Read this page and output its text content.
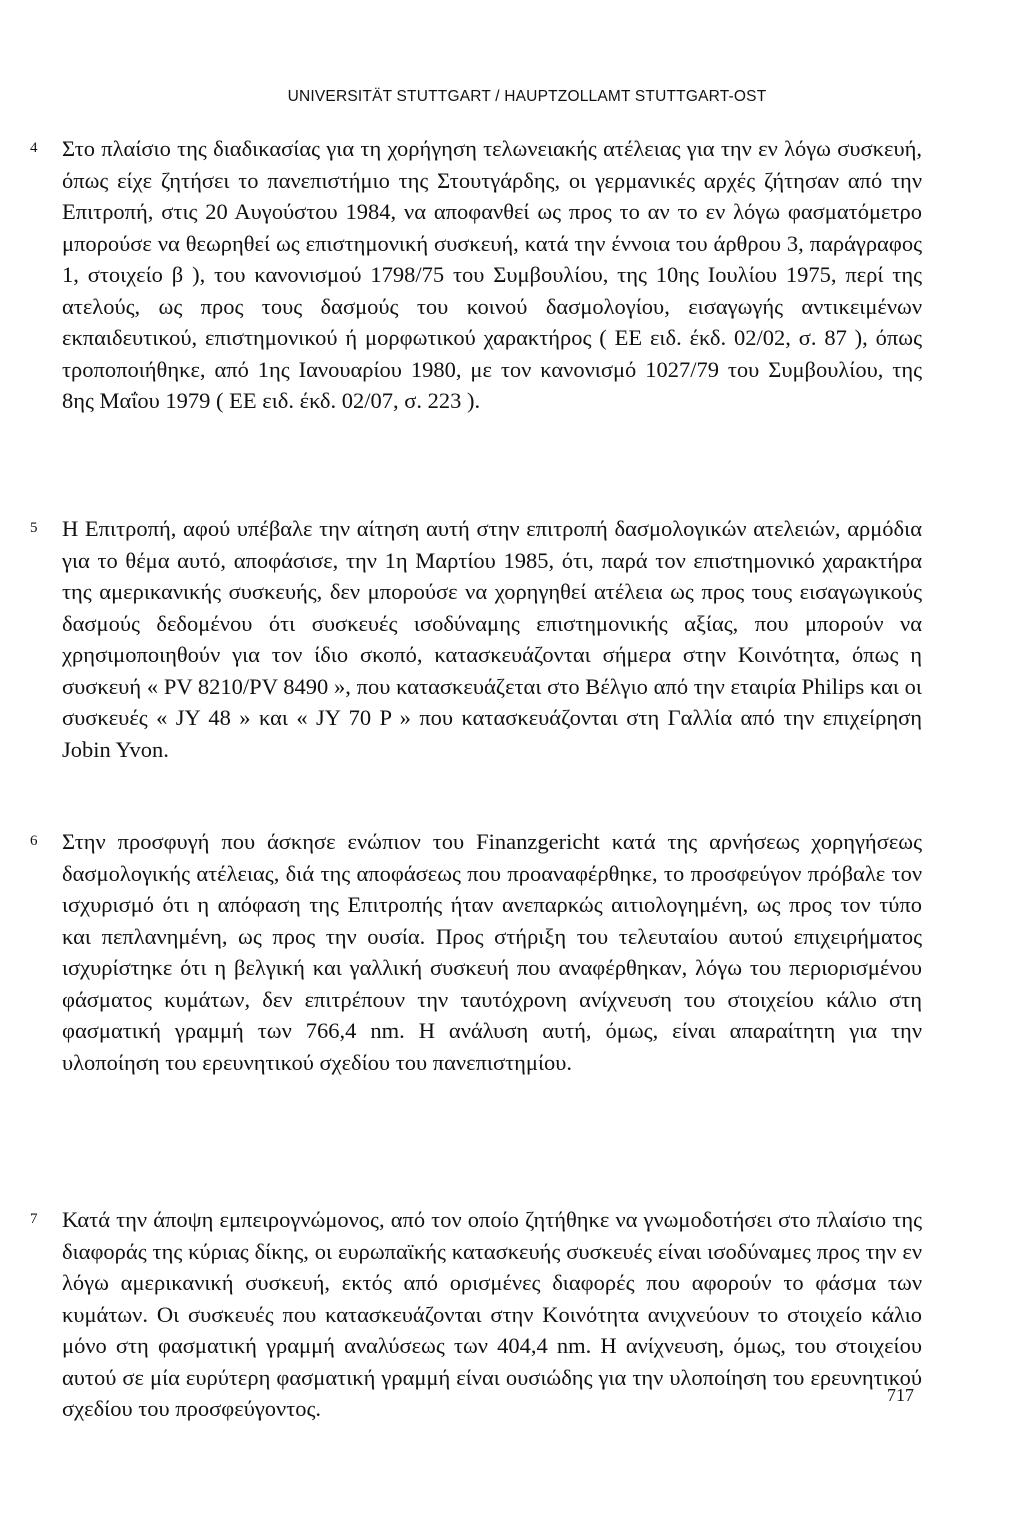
UNIVERSITÄT STUTTGART / HAUPTZOLLAMT STUTTGART-OST
4 Στο πλαίσιο της διαδικασίας για τη χορήγηση τελωνειακής ατέλειας για την εν λόγω συσκευή, όπως είχε ζητήσει το πανεπιστήμιο της Στουτγάρδης, οι γερμανικές αρχές ζήτησαν από την Επιτροπή, στις 20 Αυγούστου 1984, να αποφανθεί ως προς το αν το εν λόγω φασματόμετρο μπορούσε να θεωρηθεί ως επιστημονική συσκευή, κατά την έννοια του άρθρου 3, παράγραφος 1, στοιχείο β ), του κανονισμού 1798/75 του Συμβουλίου, της 10ης Ιουλίου 1975, περί της ατελούς, ως προς τους δασμούς του κοινού δασμολογίου, εισαγωγής αντικειμένων εκπαιδευτικού, επιστημονικού ή μορφωτικού χαρακτήρος ( ΕΕ ειδ. έκδ. 02/02, σ. 87 ), όπως τροποποιήθηκε, από 1ης Ιανουαρίου 1980, με τον κανονισμό 1027/79 του Συμβουλίου, της 8ης Μαΐου 1979 ( ΕΕ ειδ. έκδ. 02/07, σ. 223 ).
5 Η Επιτροπή, αφού υπέβαλε την αίτηση αυτή στην επιτροπή δασμολογικών ατελειών, αρμόδια για το θέμα αυτό, αποφάσισε, την 1η Μαρτίου 1985, ότι, παρά τον επιστημονικό χαρακτήρα της αμερικανικής συσκευής, δεν μπορούσε να χορηγηθεί ατέλεια ως προς τους εισαγωγικούς δασμούς δεδομένου ότι συσκευές ισοδύναμης επιστημονικής αξίας, που μπορούν να χρησιμοποιηθούν για τον ίδιο σκοπό, κατασκευάζονται σήμερα στην Κοινότητα, όπως η συσκευή « PV 8210/PV 8490 », που κατασκευάζεται στο Βέλγιο από την εταιρία Philips και οι συσκευές « JY 48 » και « JY 70 P » που κατασκευάζονται στη Γαλλία από την επιχείρηση Jobin Yvon.
6 Στην προσφυγή που άσκησε ενώπιον του Finanzgericht κατά της αρνήσεως χορηγήσεως δασμολογικής ατέλειας, διά της αποφάσεως που προαναφέρθηκε, το προσφεύγον πρόβαλε τον ισχυρισμό ότι η απόφαση της Επιτροπής ήταν ανεπαρκώς αιτιολογημένη, ως προς τον τύπο και πεπλανημένη, ως προς την ουσία. Προς στήριξη του τελευταίου αυτού επιχειρήματος ισχυρίστηκε ότι η βελγική και γαλλική συσκευή που αναφέρθηκαν, λόγω του περιορισμένου φάσματος κυμάτων, δεν επιτρέπουν την ταυτόχρονη ανίχνευση του στοιχείου κάλιο στη φασματική γραμμή των 766,4 nm. Η ανάλυση αυτή, όμως, είναι απαραίτητη για την υλοποίηση του ερευνητικού σχεδίου του πανεπιστημίου.
7 Κατά την άποψη εμπειρογνώμονος, από τον οποίο ζητήθηκε να γνωμοδοτήσει στο πλαίσιο της διαφοράς της κύριας δίκης, οι ευρωπαϊκής κατασκευής συσκευές είναι ισοδύναμες προς την εν λόγω αμερικανική συσκευή, εκτός από ορισμένες διαφορές που αφορούν το φάσμα των κυμάτων. Οι συσκευές που κατασκευάζονται στην Κοινότητα ανιχνεύουν το στοιχείο κάλιο μόνο στη φασματική γραμμή αναλύσεως των 404,4 nm. Η ανίχνευση, όμως, του στοιχείου αυτού σε μία ευρύτερη φασματική γραμμή είναι ουσιώδης για την υλοποίηση του ερευνητικού σχεδίου του προσφεύγοντος.
717
